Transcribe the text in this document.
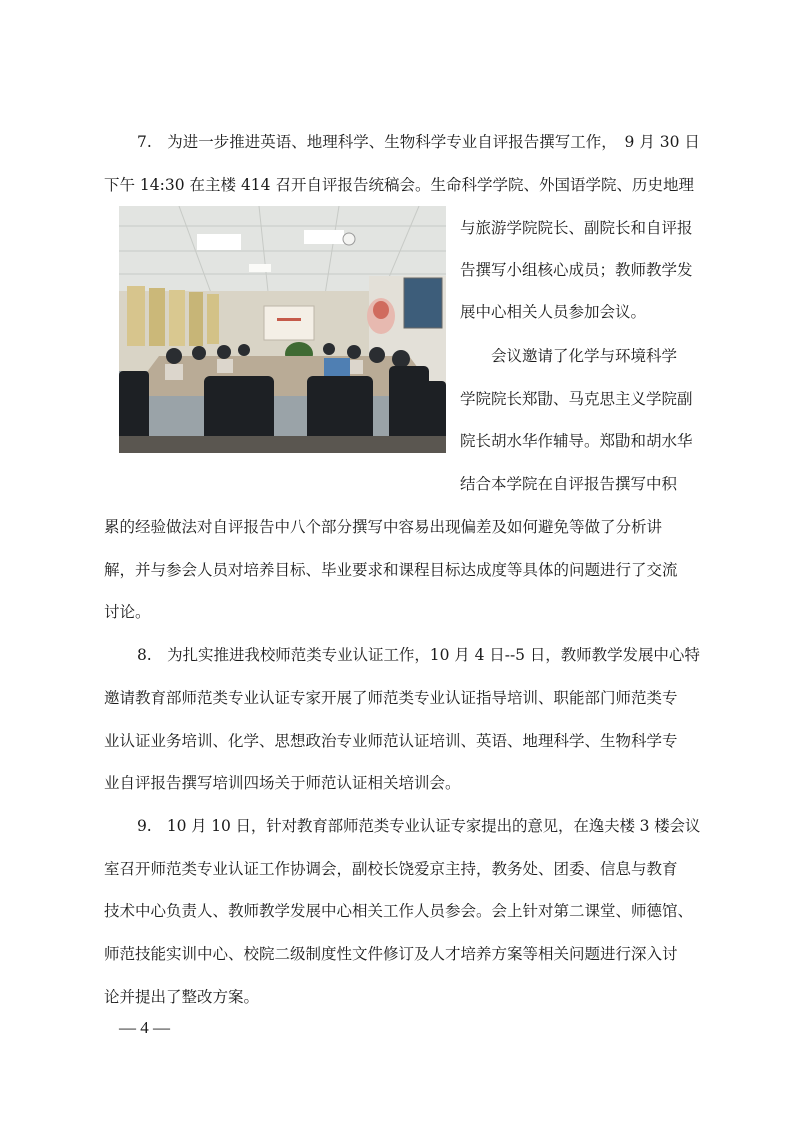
7.　为进一步推进英语、地理科学、生物科学专业自评报告撰写工作，　9 月 30 日
下午 14:30 在主楼 414 召开自评报告统稿会。生命科学学院、外国语学院、历史地理
与旅游学院院长、副院长和自评报
告撰写小组核心成员；教师教学发
展中心相关人员参加会议。
会议邀请了化学与环境科学
学院院长郑勖、马克思主义学院副
院长胡水华作辅导。郑勖和胡水华
结合本学院在自评报告撰写中积
累的经验做法对自评报告中八个部分撰写中容易出现偏差及如何避免等做了分析讲
解，并与参会人员对培养目标、毕业要求和课程目标达成度等具体的问题进行了交流
讨论。
8.　为扎实推进我校师范类专业认证工作，10 月 4 日--5 日，教师教学发展中心特
邀请教育部师范类专业认证专家开展了师范类专业认证指导培训、职能部门师范类专
业认证业务培训、化学、思想政治专业师范认证培训、英语、地理科学、生物科学专
业自评报告撰写培训四场关于师范认证相关培训会。
9.　10 月 10 日，针对教育部师范类专业认证专家提出的意见，在逸夫楼 3 楼会议
室召开师范类专业认证工作协调会，副校长饶爱京主持，教务处、团委、信息与教育
技术中心负责人、教师教学发展中心相关工作人员参会。会上针对第二课堂、师德馆、
师范技能实训中心、校院二级制度性文件修订及人才培养方案等相关问题进行深入讨
论并提出了整改方案。
— 4 —
